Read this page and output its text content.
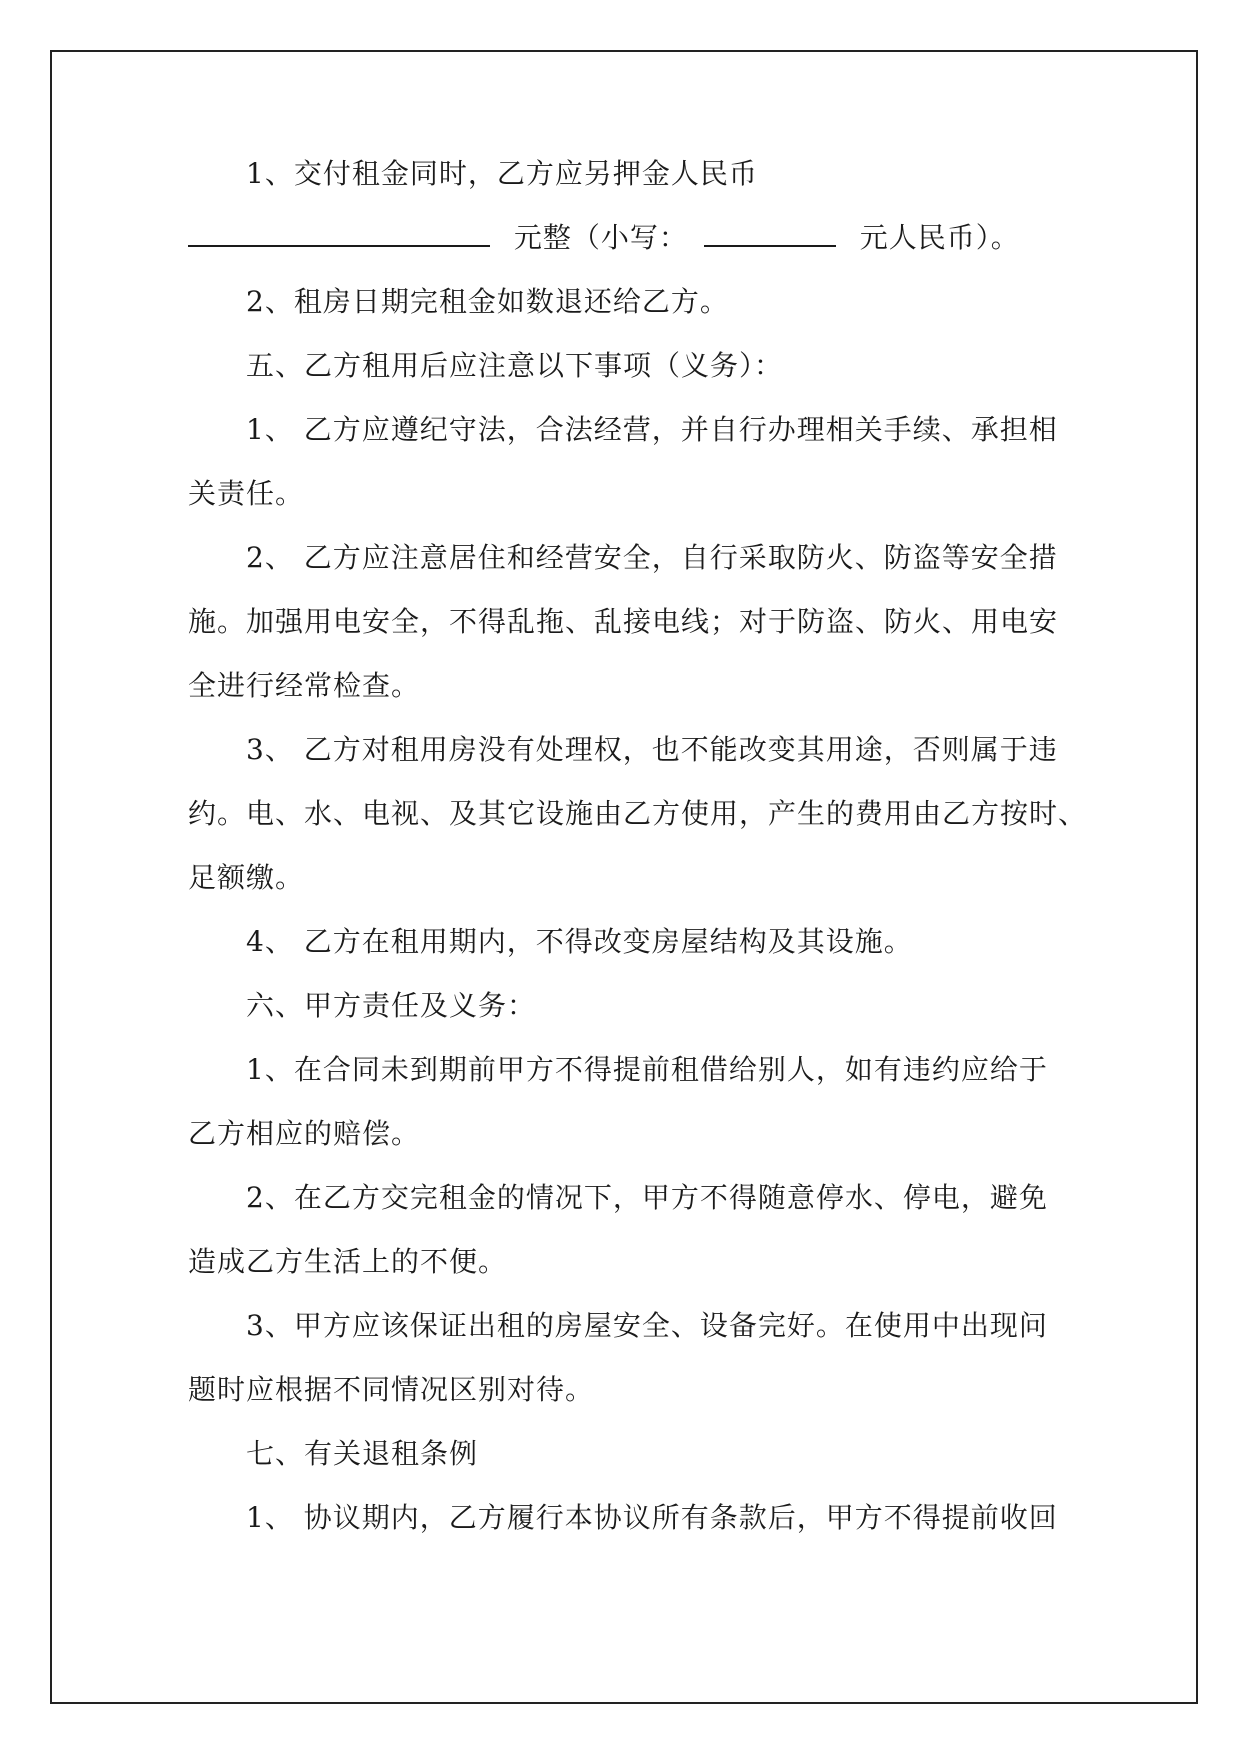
1、交付租金同时，乙方应另押金人民币
元整（小写：	元人民币）。
2、租房日期完租金如数退还给乙方。
五、乙方租用后应注意以下事项（义务）：
1、 乙方应遵纪守法，合法经营，并自行办理相关手续、承担相
关责任。
2、 乙方应注意居住和经营安全，自行采取防火、防盗等安全措
施。加强用电安全，不得乱拖、乱接电线；对于防盗、防火、用电安
全进行经常检查。
3、 乙方对租用房没有处理权，也不能改变其用途，否则属于违
约。电、水、电视、及其它设施由乙方使用，产生的费用由乙方按时、
足额缴。
4、 乙方在租用期内，不得改变房屋结构及其设施。
六、甲方责任及义务：
1、在合同未到期前甲方不得提前租借给别人，如有违约应给于
乙方相应的赔偿。
2、在乙方交完租金的情况下，甲方不得随意停水、停电，避免
造成乙方生活上的不便。
3、甲方应该保证出租的房屋安全、设备完好。在使用中出现问
题时应根据不同情况区别对待。
七、有关退租条例
1、 协议期内，乙方履行本协议所有条款后，甲方不得提前收回
